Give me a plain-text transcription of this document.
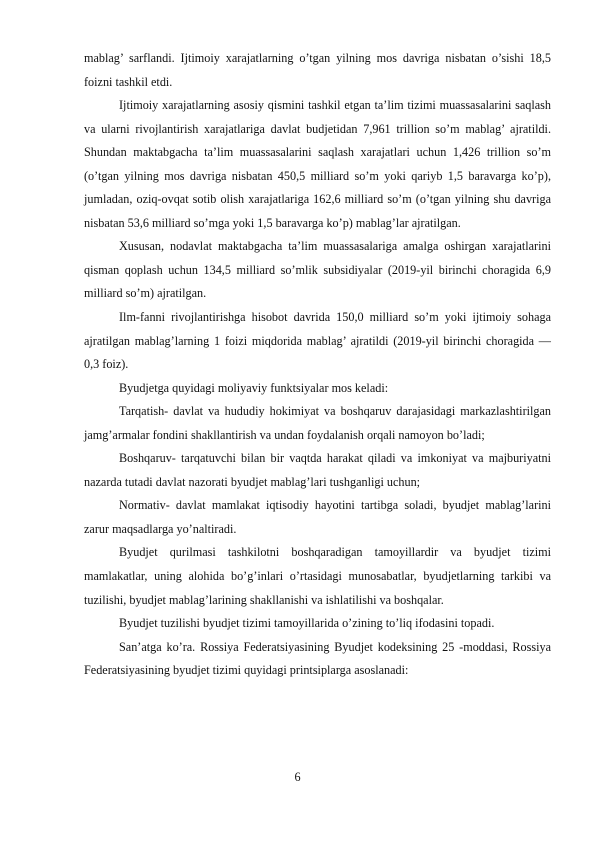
mablag’ sarflandi. Ijtimoiy xarajatlarning o’tgan yilning mos davriga nisbatan o’sishi 18,5 foizni tashkil etdi.

Ijtimoiy xarajatlarning asosiy qismini tashkil etgan ta’lim tizimi muassasalarini saqlash va ularni rivojlantirish xarajatlariga davlat budjetidan 7,961 trillion so’m mablag’ ajratildi. Shundan maktabgacha ta’lim muassasalarini saqlash xarajatlari uchun 1,426 trillion so’m (o’tgan yilning mos davriga nisbatan 450,5 milliard so’m yoki qariyb 1,5 baravarga ko’p), jumladan, oziq-ovqat sotib olish xarajatlariga 162,6 milliard so’m (o’tgan yilning shu davriga nisbatan 53,6 milliard so’mga yoki 1,5 baravarga ko’p) mablag’lar ajratilgan.

Xususan, nodavlat maktabgacha ta’lim muassasalariga amalga oshirgan xarajatlarini qisman qoplash uchun 134,5 milliard so’mlik subsidiyalar (2019-yil birinchi choragida 6,9 milliard so’m) ajratilgan.

Ilm-fanni rivojlantirishga hisobot davrida 150,0 milliard so’m yoki ijtimoiy sohaga ajratilgan mablag’larning 1 foizi miqdorida mablag’ ajratildi (2019-yil birinchi choragida — 0,3 foiz).

Byudjetga quyidagi moliyaviy funktsiyalar mos keladi:

Tarqatish- davlat va hududiy hokimiyat va boshqaruv darajasidagi markazlashtirilgan jamg’armalar fondini shakllantirish va undan foydalanish orqali namoyon bo’ladi;

Boshqaruv- tarqatuvchi bilan bir vaqtda harakat qiladi va imkoniyat va majburiyatni nazarda tutadi davlat nazorati byudjet mablag’lari tushganligi uchun;

Normativ- davlat mamlakat iqtisodiy hayotini tartibga soladi, byudjet mablag’larini zarur maqsadlarga yo’naltiradi.

Byudjet qurilmasi tashkilotni boshqaradigan tamoyillardir va byudjet tizimi mamlakatlar, uning alohida bo’g’inlari o’rtasidagi munosabatlar, byudjetlarning tarkibi va tuzilishi, byudjet mablag’larining shakllanishi va ishlatilishi va boshqalar.

Byudjet tuzilishi byudjet tizimi tamoyillarida o’zining to’liq ifodasini topadi.

San’atga ko’ra. Rossiya Federatsiyasining Byudjet kodeksining 25 -moddasi, Rossiya Federatsiyasining byudjet tizimi quyidagi printsiplarga asoslanadi:

6
